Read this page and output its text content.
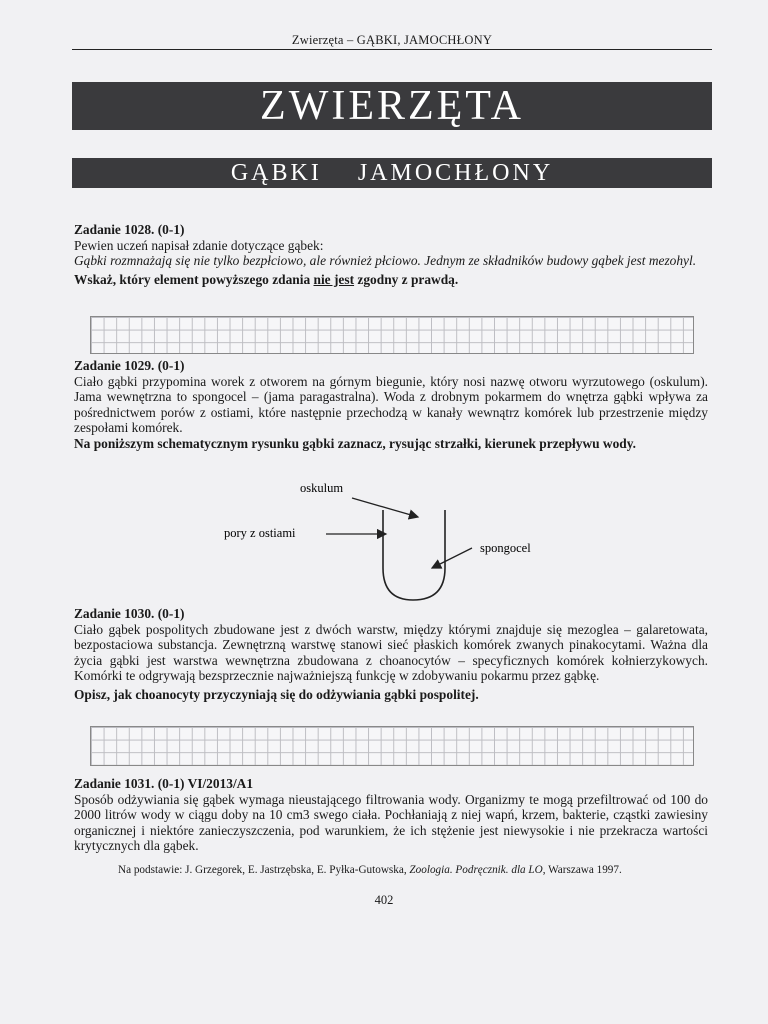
Zwierzęta – GĄBKI, JAMOCHŁONY
ZWIERZĘTA
GĄBKI JAMOCHŁONY

Zadanie 1028. (0-1)

Pewien uczeń napisał zdanie dotyczące gąbek:

Gąbki rozmnażają się nie tylko bezpłciowo, ale również płciowo. Jednym ze składników budowy gąbek jest mezohyl.

Wskaż, który element powyższego zdania nie jest zgodny z prawdą.

Zadanie 1029. (0-1)

Ciało gąbki przypomina worek z otworem na górnym biegunie, który nosi nazwę otworu wyrzutowego (oskulum). Jama wewnętrzna to spongocel – (jama paragastralna). Woda z drobnym pokarmem do wnętrza gąbki wpływa za pośrednictwem porów z ostiami, które następnie przechodzą w kanały wewnątrz komórek lub przestrzenie między zespołami komórek.

Na poniższym schematycznym rysunku gąbki zaznacz, rysując strzałki, kierunek przepływu wody.

oskulum
pory z ostiami
spongocel

Zadanie 1030. (0-1)

Ciało gąbek pospolitych zbudowane jest z dwóch warstw, między którymi znajduje się mezoglea – galaretowata, bezpostaciowa substancja. Zewnętrzną warstwę stanowi sieć płaskich komórek zwanych pinakocytami. Ważna dla życia gąbki jest warstwa wewnętrzna zbudowana z choanocytów – specyficznych komórek kołnierzykowych. Komórki te odgrywają bezsprzecznie najważniejszą funkcję w zdobywaniu pokarmu przez gąbkę.

Opisz, jak choanocyty przyczyniają się do odżywiania gąbki pospolitej.

Zadanie 1031. (0-1) VI/2013/A1

Sposób odżywiania się gąbek wymaga nieustającego filtrowania wody. Organizmy te mogą przefiltrować od 100 do 2000 litrów wody w ciągu doby na 10 cm3 swego ciała. Pochłaniają z niej wapń, krzem, bakterie, cząstki zawiesiny organicznej i niektóre zanieczyszczenia, pod warunkiem, że ich stężenie jest niewysokie i nie przekracza wartości krytycznych dla gąbek.

Na podstawie: J. Grzegorek, E. Jastrzębska, E. Pyłka-Gutowska, Zoologia. Podręcznik. dla LO, Warszawa 1997.
402
